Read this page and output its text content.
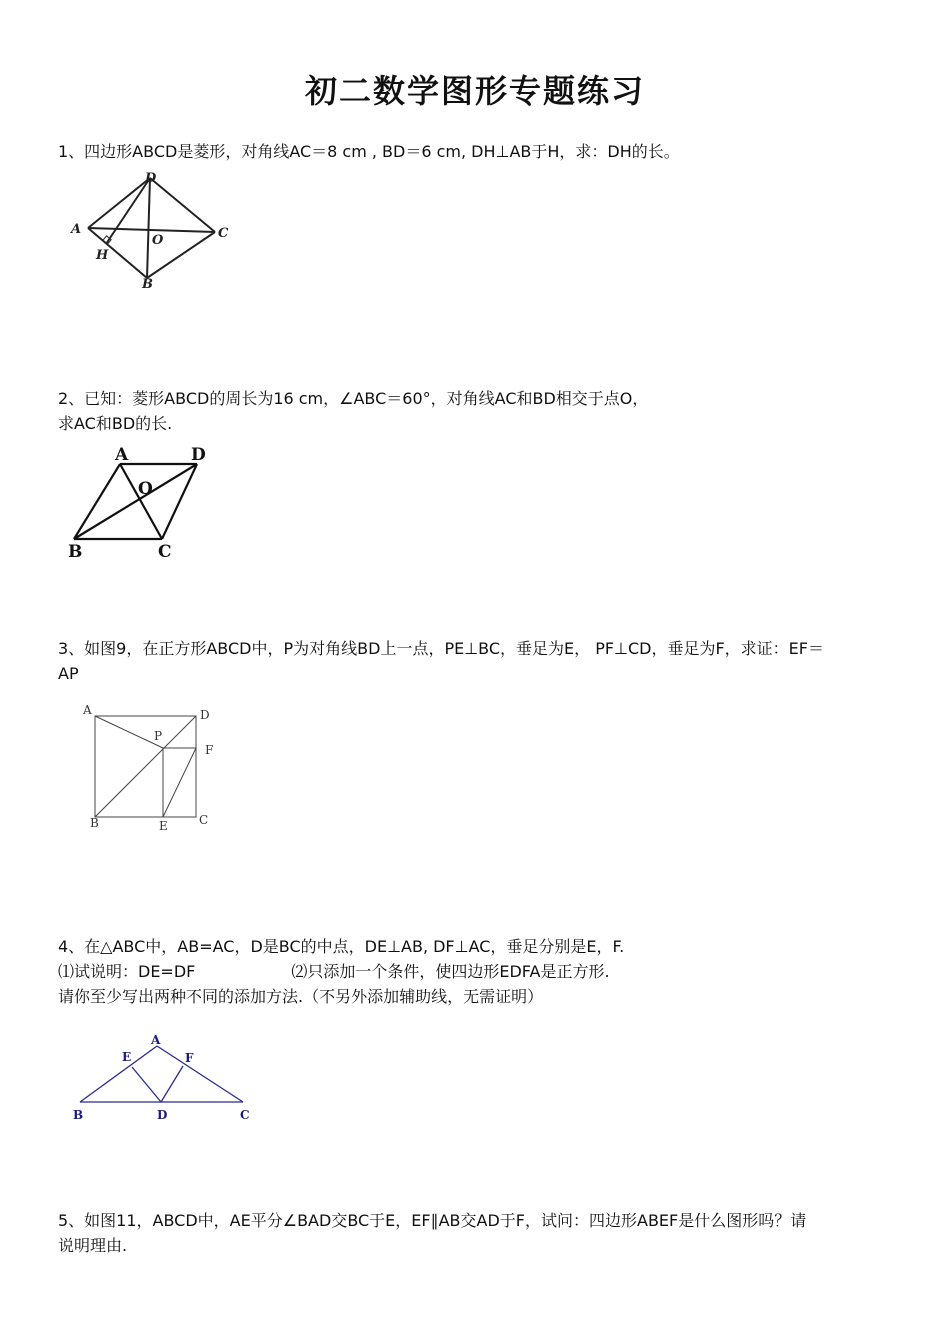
初二数学图形专题练习

1、四边形ABCD是菱形，对角线AC＝8 cm , BD＝6 cm, DH⊥AB于H，求：DH的长。

A
D
C
B
O
H

2、已知：菱形ABCD的周长为16 cm，∠ABC＝60°，对角线AC和BD相交于点O，

求AC和BD的长.

A	D
O
B	C

3、如图9，在正方形ABCD中，P为对角线BD上一点，PE⊥BC，垂足为E， PF⊥CD，垂足为F，求证：EF＝

AP

A	D
P
F
B	E	C

4、在△ABC中，AB=AC，D是BC的中点，DE⊥AB, DF⊥AC，垂足分别是E，F.

⑴试说明：DE=DF	⑵只添加一个条件，使四边形EDFA是正方形.

请你至少写出两种不同的添加方法.（不另外添加辅助线，无需证明）

A
E	F
B	D	C

5、如图11，ABCD中，AE平分∠BAD交BC于E，EF∥AB交AD于F，试问：四边形ABEF是什么图形吗？请

说明理由.
